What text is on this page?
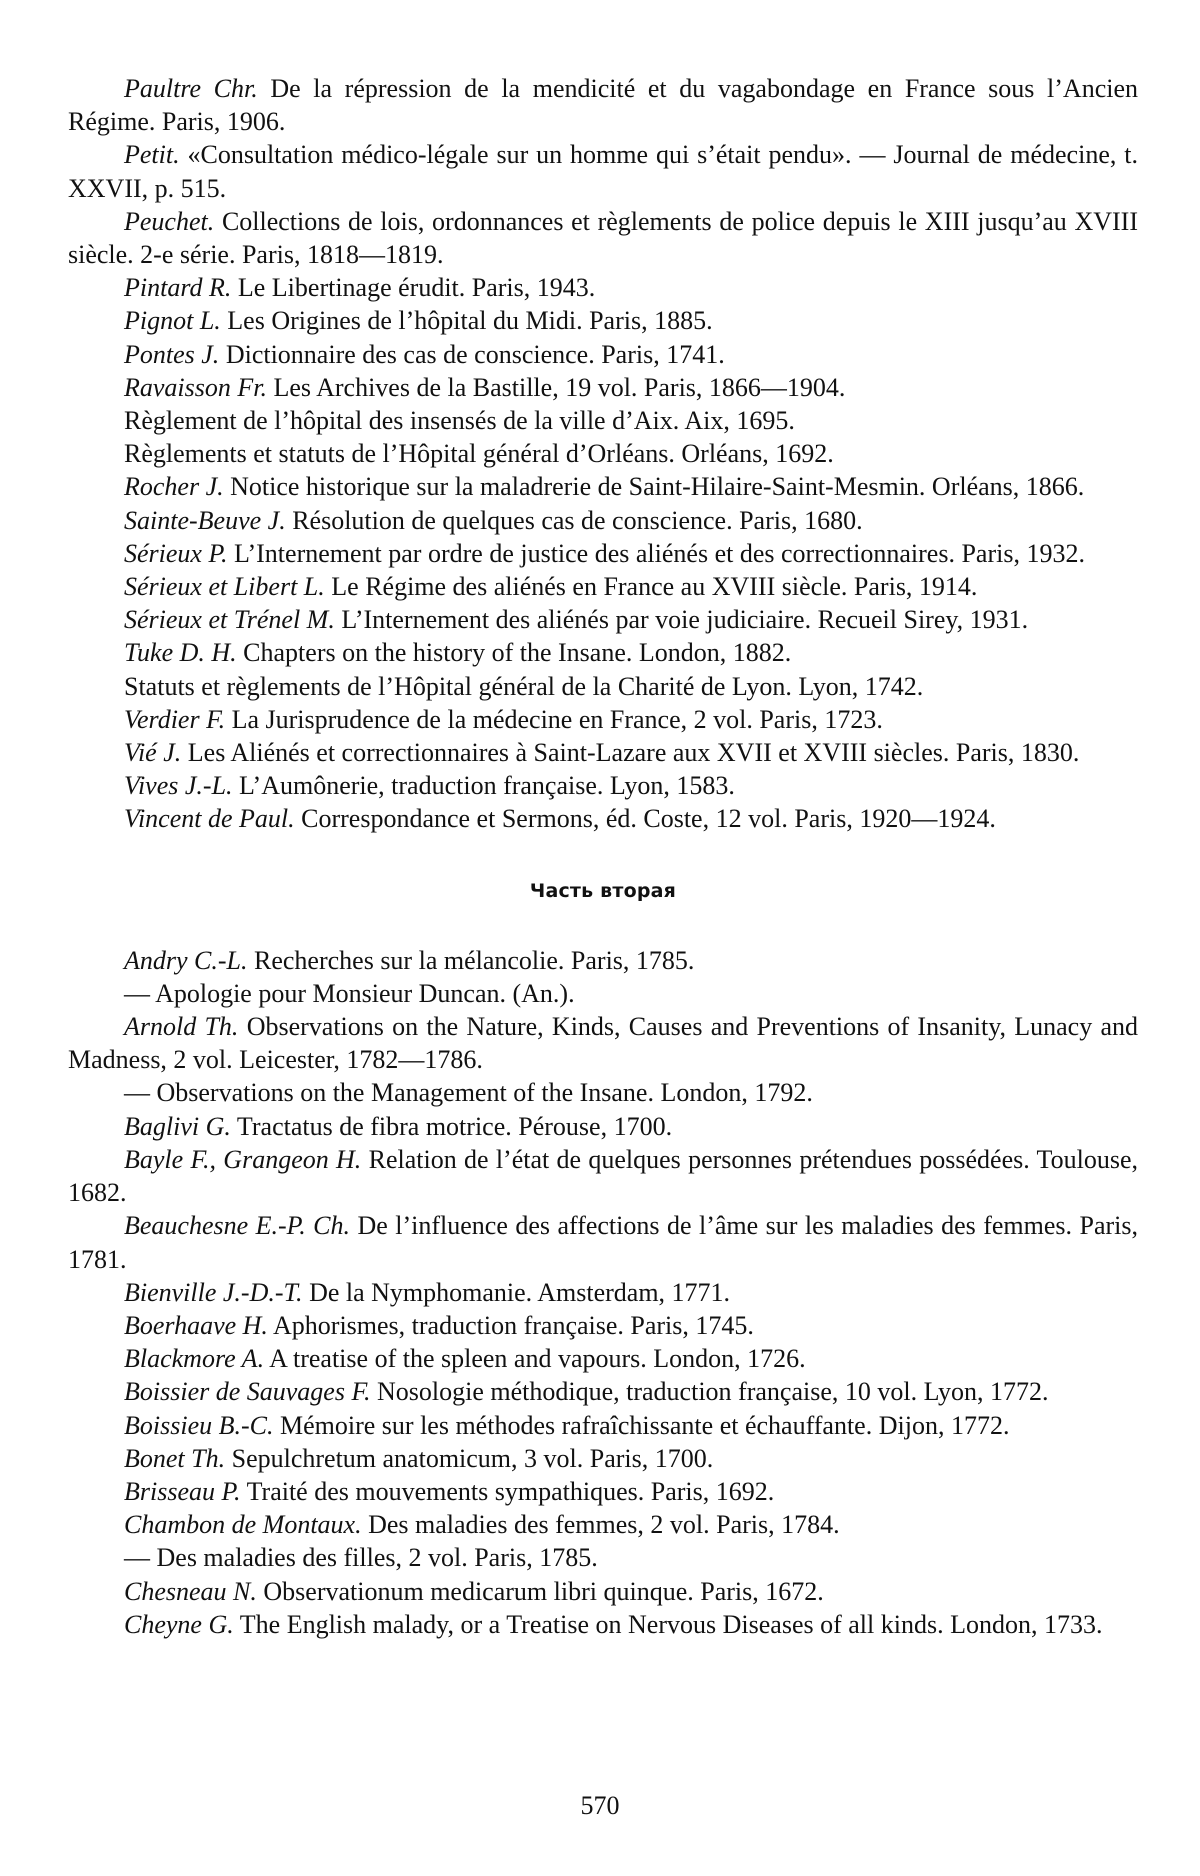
Paultre Chr. De la répression de la mendicité et du vagabondage en France sous l’Ancien Régime. Paris, 1906.

Petit. «Consultation médico-légale sur un homme qui s’était pendu». — Journal de médecine, t. XXVII, p. 515.

Peuchet. Collections de lois, ordonnances et règlements de police depuis le XIII jusqu’au XVIII siècle. 2-e série. Paris, 1818—1819.

Pintard R. Le Libertinage érudit. Paris, 1943.

Pignot L. Les Origines de l’hôpital du Midi. Paris, 1885.

Pontes J. Dictionnaire des cas de conscience. Paris, 1741.

Ravaisson Fr. Les Archives de la Bastille, 19 vol. Paris, 1866—1904.

Règlement de l’hôpital des insensés de la ville d’Aix. Aix, 1695.

Règlements et statuts de l’Hôpital général d’Orléans. Orléans, 1692.

Rocher J. Notice historique sur la maladrerie de Saint-Hilaire-Saint-Mesmin. Orléans, 1866.

Sainte-Beuve J. Résolution de quelques cas de conscience. Paris, 1680.

Sérieux P. L’Internement par ordre de justice des aliénés et des correctionnaires. Paris, 1932.

Sérieux et Libert L. Le Régime des aliénés en France au XVIII siècle. Paris, 1914.

Sérieux et Trénel M. L’Internement des aliénés par voie judiciaire. Recueil Sirey, 1931.

Tuke D. H. Chapters on the history of the Insane. London, 1882.

Statuts et règlements de l’Hôpital général de la Charité de Lyon. Lyon, 1742.

Verdier F. La Jurisprudence de la médecine en France, 2 vol. Paris, 1723.

Vié J. Les Aliénés et correctionnaires à Saint-Lazare aux XVII et XVIII siècles. Paris, 1830.

Vives J.-L. L’Aumônerie, traduction française. Lyon, 1583.

Vincent de Paul. Correspondance et Sermons, éd. Coste, 12 vol. Paris, 1920—1924.

Часть вторая

Andry C.-L. Recherches sur la mélancolie. Paris, 1785.

— Apologie pour Monsieur Duncan. (An.).

Arnold Th. Observations on the Nature, Kinds, Causes and Preventions of Insanity, Lunacy and Madness, 2 vol. Leicester, 1782—1786.

— Observations on the Management of the Insane. London, 1792.

Baglivi G. Tractatus de fibra motrice. Pérouse, 1700.

Bayle F., Grangeon H. Relation de l’état de quelques personnes prétendues possédées. Toulouse, 1682.

Beauchesne E.-P. Ch. De l’influence des affections de l’âme sur les maladies des femmes. Paris, 1781.

Bienville J.-D.-T. De la Nymphomanie. Amsterdam, 1771.

Boerhaave H. Aphorismes, traduction française. Paris, 1745.

Blackmore A. A treatise of the spleen and vapours. London, 1726.

Boissier de Sauvages F. Nosologie méthodique, traduction française, 10 vol. Lyon, 1772.

Boissieu B.-C. Mémoire sur les méthodes rafraîchissante et échauffante. Dijon, 1772.

Bonet Th. Sepulchretum anatomicum, 3 vol. Paris, 1700.

Brisseau P. Traité des mouvements sympathiques. Paris, 1692.

Chambon de Montaux. Des maladies des femmes, 2 vol. Paris, 1784.

— Des maladies des filles, 2 vol. Paris, 1785.

Chesneau N. Observationum medicarum libri quinque. Paris, 1672.

Cheyne G. The English malady, or a Treatise on Nervous Diseases of all kinds. London, 1733.

570
